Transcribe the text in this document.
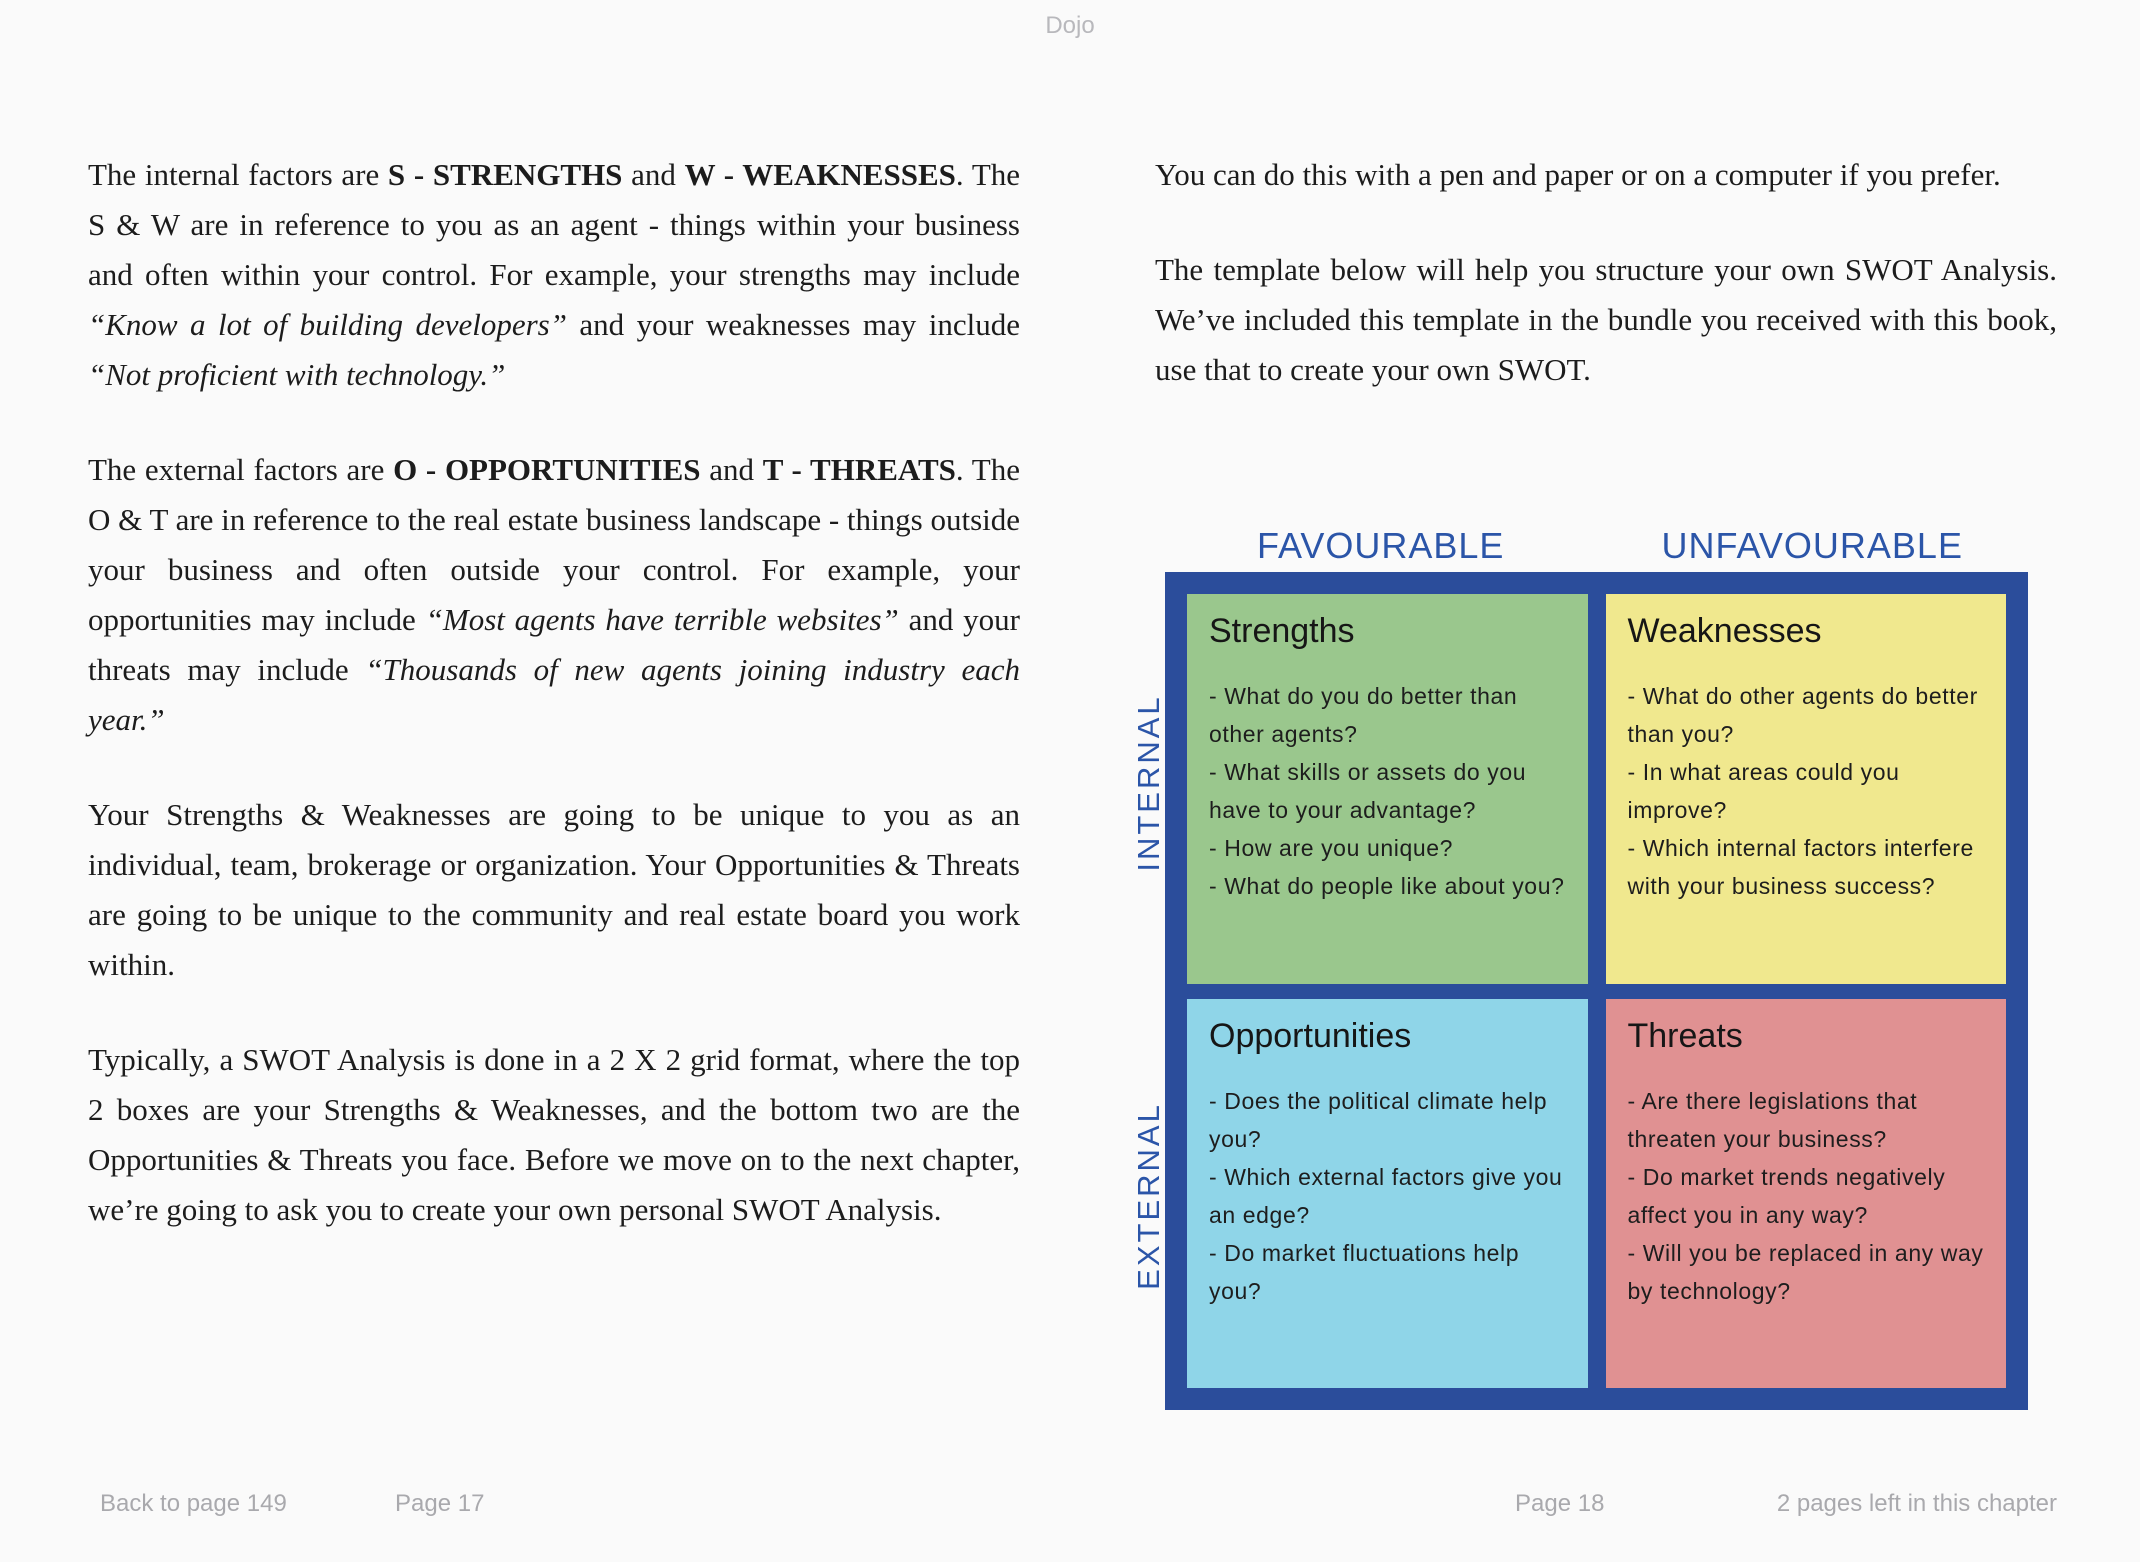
Dojo

The internal factors are S - STRENGTHS and W - WEAKNESSES. The S & W are in reference to you as an agent - things within your business and often within your control. For example, your strengths may include “Know a lot of building developers” and your weaknesses may include “Not proficient with technology.”

The external factors are O - OPPORTUNITIES and T - THREATS. The O & T are in reference to the real estate business landscape - things outside your business and often outside your control. For example, your opportunities may include “Most agents have terrible websites” and your threats may include “Thousands of new agents joining industry each year.”

Your Strengths & Weaknesses are going to be unique to you as an individual, team, brokerage or organization. Your Opportunities & Threats are going to be unique to the community and real estate board you work within.

Typically, a SWOT Analysis is done in a 2 X 2 grid format, where the top 2 boxes are your Strengths & Weaknesses, and the bottom two are the Opportunities & Threats you face. Before we move on to the next chapter, we’re going to ask you to create your own personal SWOT Analysis.

You can do this with a pen and paper or on a computer if you prefer.

The template below will help you structure your own SWOT Analysis. We’ve included this template in the bundle you received with this book, use that to create your own SWOT.

FAVOURABLE	UNFAVOURABLE
INTERNAL
EXTERNAL
Strengths
- What do you do better than other agents?
- What skills or assets do you have to your advantage?
- How are you unique?
- What do people like about you?
Weaknesses
- What do other agents do better than you?
- In what areas could you improve?
- Which internal factors interfere with your business success?
Opportunities
- Does the political climate help you?
- Which external factors give you an edge?
- Do market fluctuations help you?
Threats
- Are there legislations that threaten your business?
- Do market trends negatively affect you in any way?
- Will you be replaced in any way by technology?
Back to page 149	Page 17	Page 18	2 pages left in this chapter
